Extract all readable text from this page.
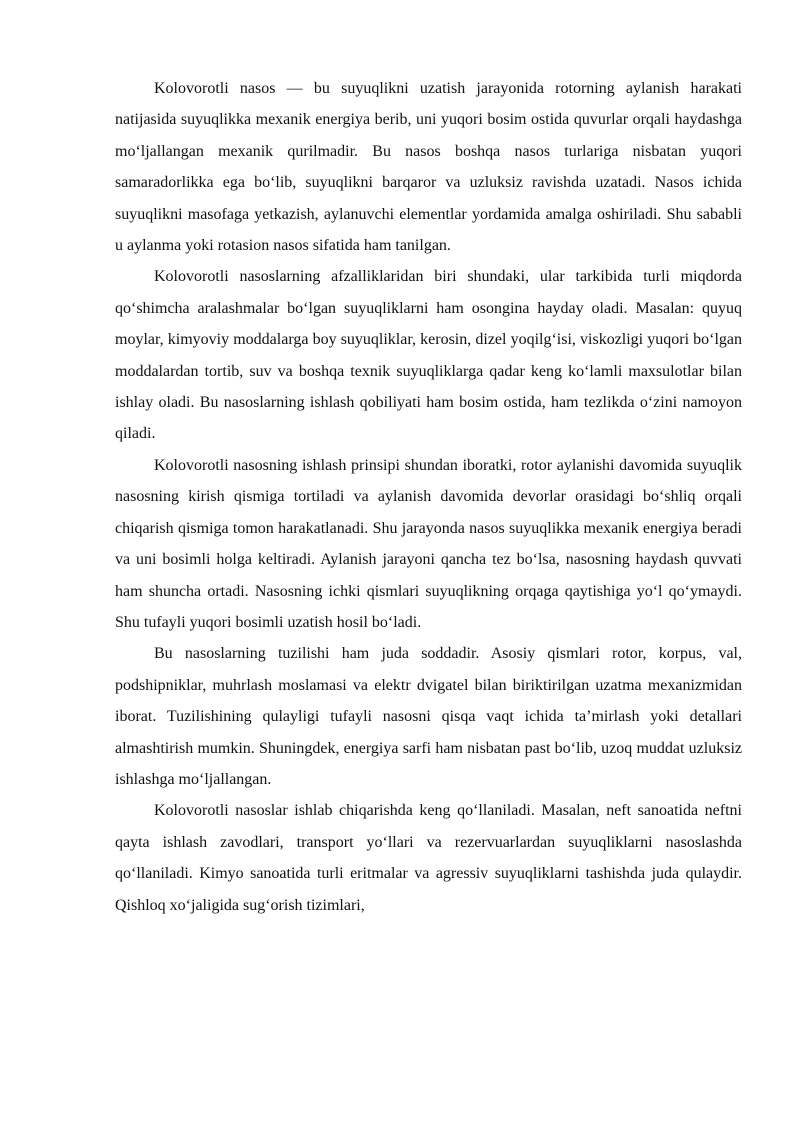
Kolovorotli nasos — bu suyuqlikni uzatish jarayonida rotorning aylanish harakati natijasida suyuqlikka mexanik energiya berib, uni yuqori bosim ostida quvurlar orqali haydashga moʻljallangan mexanik qurilmadir. Bu nasos boshqa nasos turlariga nisbatan yuqori samaradorlikka ega boʻlib, suyuqlikni barqaror va uzluksiz ravishda uzatadi. Nasos ichida suyuqlikni masofaga yetkazish, aylanuvchi elementlar yordamida amalga oshiriladi. Shu sababli u aylanma yoki rotasion nasos sifatida ham tanilgan.

Kolovorotli nasoslarning afzalliklaridan biri shundaki, ular tarkibida turli miqdorda qoʻshimcha aralashmalar boʻlgan suyuqliklarni ham osongina hayday oladi. Masalan: quyuq moylar, kimyoviy moddalarga boy suyuqliklar, kerosin, dizel yoqilgʻisi, viskozligi yuqori boʻlgan moddalardan tortib, suv va boshqa texnik suyuqliklarga qadar keng koʻlamli maxsulotlar bilan ishlay oladi. Bu nasoslarning ishlash qobiliyati ham bosim ostida, ham tezlikda oʻzini namoyon qiladi.

Kolovorotli nasosning ishlash prinsipi shundan iboratki, rotor aylanishi davomida suyuqlik nasosning kirish qismiga tortiladi va aylanish davomida devorlar orasidagi boʻshliq orqali chiqarish qismiga tomon harakatlanadi. Shu jarayonda nasos suyuqlikka mexanik energiya beradi va uni bosimli holga keltiradi. Aylanish jarayoni qancha tez boʻlsa, nasosning haydash quvvati ham shuncha ortadi. Nasosning ichki qismlari suyuqlikning orqaga qaytishiga yoʻl qoʻymaydi. Shu tufayli yuqori bosimli uzatish hosil boʻladi.

Bu nasoslarning tuzilishi ham juda soddadir. Asosiy qismlari rotor, korpus, val, podshipniklar, muhrlash moslamasi va elektr dvigatel bilan biriktirilgan uzatma mexanizmidan iborat. Tuzilishining qulayligi tufayli nasosni qisqa vaqt ichida taʼmirlash yoki detallari almashtirish mumkin. Shuningdek, energiya sarfi ham nisbatan past boʻlib, uzoq muddat uzluksiz ishlashga moʻljallangan.

Kolovorotli nasoslar ishlab chiqarishda keng qoʻllaniladi. Masalan, neft sanoatida neftni qayta ishlash zavodlari, transport yoʻllari va rezervuarlardan suyuqliklarni nasoslashda qoʻllaniladi. Kimyo sanoatida turli eritmalar va agressiv suyuqliklarni tashishda juda qulaydir. Qishloq xoʻjaligida sugʻorish tizimlari,
